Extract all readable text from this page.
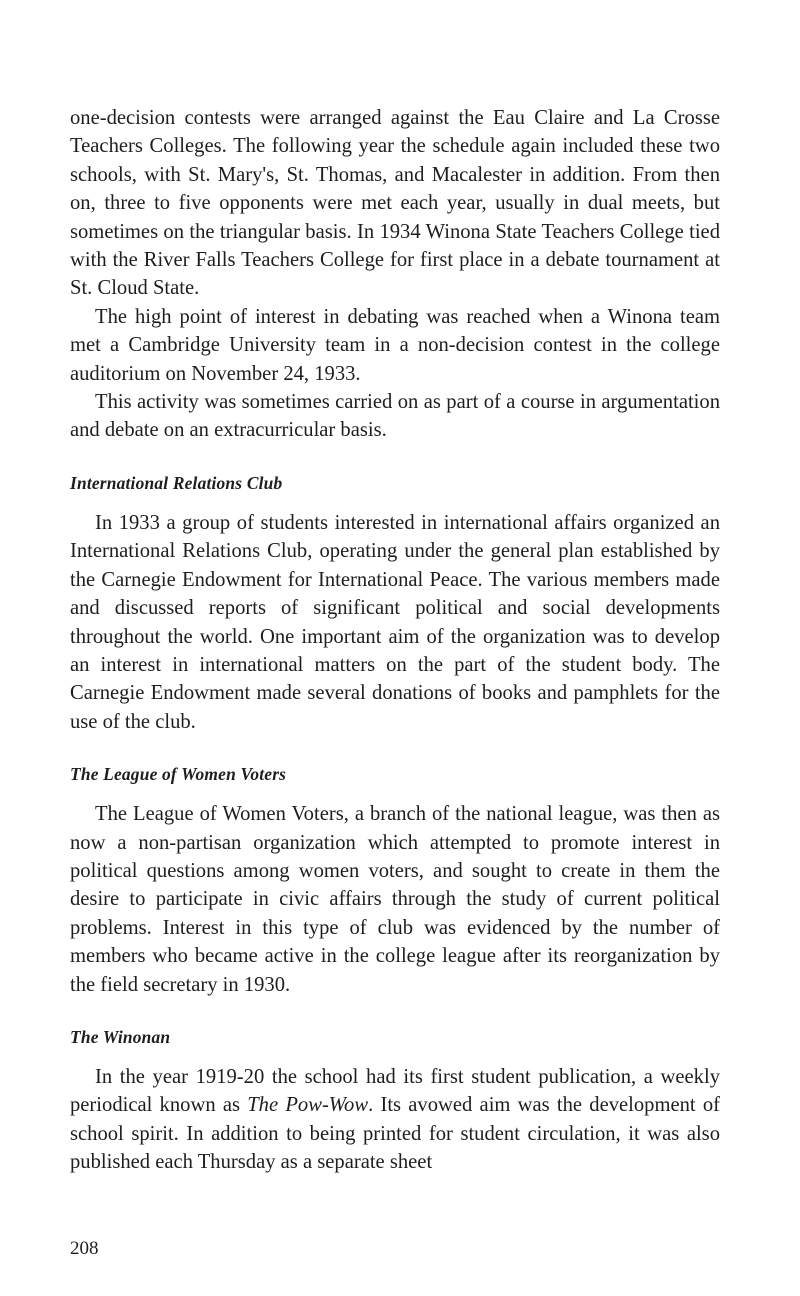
one-decision contests were arranged against the Eau Claire and La Crosse Teachers Colleges. The following year the schedule again included these two schools, with St. Mary's, St. Thomas, and Macalester in addition. From then on, three to five opponents were met each year, usually in dual meets, but sometimes on the triangular basis. In 1934 Winona State Teachers College tied with the River Falls Teachers College for first place in a debate tournament at St. Cloud State.

The high point of interest in debating was reached when a Winona team met a Cambridge University team in a non-decision contest in the college auditorium on November 24, 1933.

This activity was sometimes carried on as part of a course in argumentation and debate on an extracurricular basis.

International Relations Club

In 1933 a group of students interested in international affairs organized an International Relations Club, operating under the general plan established by the Carnegie Endowment for International Peace. The various members made and discussed reports of significant political and social developments throughout the world. One important aim of the organization was to develop an interest in international matters on the part of the student body. The Carnegie Endowment made several donations of books and pamphlets for the use of the club.

The League of Women Voters

The League of Women Voters, a branch of the national league, was then as now a non-partisan organization which attempted to promote interest in political questions among women voters, and sought to create in them the desire to participate in civic affairs through the study of current political problems. Interest in this type of club was evidenced by the number of members who became active in the college league after its reorganization by the field secretary in 1930.

The Winonan

In the year 1919-20 the school had its first student publication, a weekly periodical known as The Pow-Wow. Its avowed aim was the development of school spirit. In addition to being printed for student circulation, it was also published each Thursday as a separate sheet

208
